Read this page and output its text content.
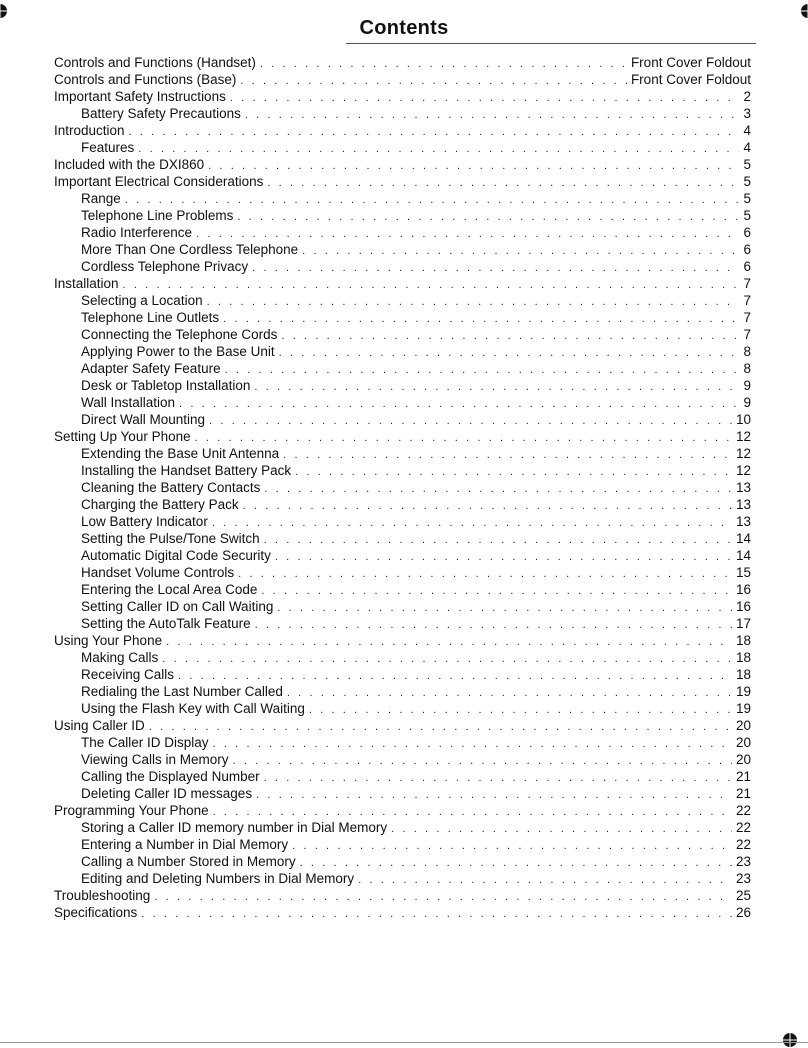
Contents
Controls and Functions (Handset) . . .	Front Cover Foldout
Controls and Functions (Base) . . .	Front Cover Foldout
Important Safety Instructions . . .	2
Battery Safety Precautions . . .	3
Introduction . . .	4
Features . . .	4
Included with the DXI860 . . .	5
Important Electrical Considerations . . .	5
Range . . .	5
Telephone Line Problems . . .	5
Radio Interference . . .	6
More Than One Cordless Telephone . . .	6
Cordless Telephone Privacy . . .	6
Installation . . .	7
Selecting a Location . . .	7
Telephone Line Outlets . . .	7
Connecting the Telephone Cords . . .	7
Applying Power to the Base Unit . . .	8
Adapter Safety Feature . . .	8
Desk or Tabletop Installation . . .	9
Wall Installation . . .	9
Direct Wall Mounting . . .	10
Setting Up Your Phone . . .	12
Extending the Base Unit Antenna . . .	12
Installing the Handset Battery Pack . . .	12
Cleaning the Battery Contacts . . .	13
Charging the Battery Pack . . .	13
Low Battery Indicator . . .	13
Setting the Pulse/Tone Switch . . .	14
Automatic Digital Code Security . . .	14
Handset Volume Controls . . .	15
Entering the Local Area Code . . .	16
Setting Caller ID on Call Waiting . . .	16
Setting the AutoTalk Feature . . .	17
Using Your Phone . . .	18
Making Calls . . .	18
Receiving Calls . . .	18
Redialing the Last Number Called . . .	19
Using the Flash Key with Call Waiting . . .	19
Using Caller ID . . .	20
The Caller ID Display . . .	20
Viewing Calls in Memory . . .	20
Calling the Displayed Number . . .	21
Deleting Caller ID messages . . .	21
Programming Your Phone . . .	22
Storing a Caller ID memory number in Dial Memory . . .	22
Entering a Number in Dial Memory . . .	22
Calling a Number Stored in Memory . . .	23
Editing and Deleting Numbers in Dial Memory . . .	23
Troubleshooting . . .	25
Specifications . . .	26
